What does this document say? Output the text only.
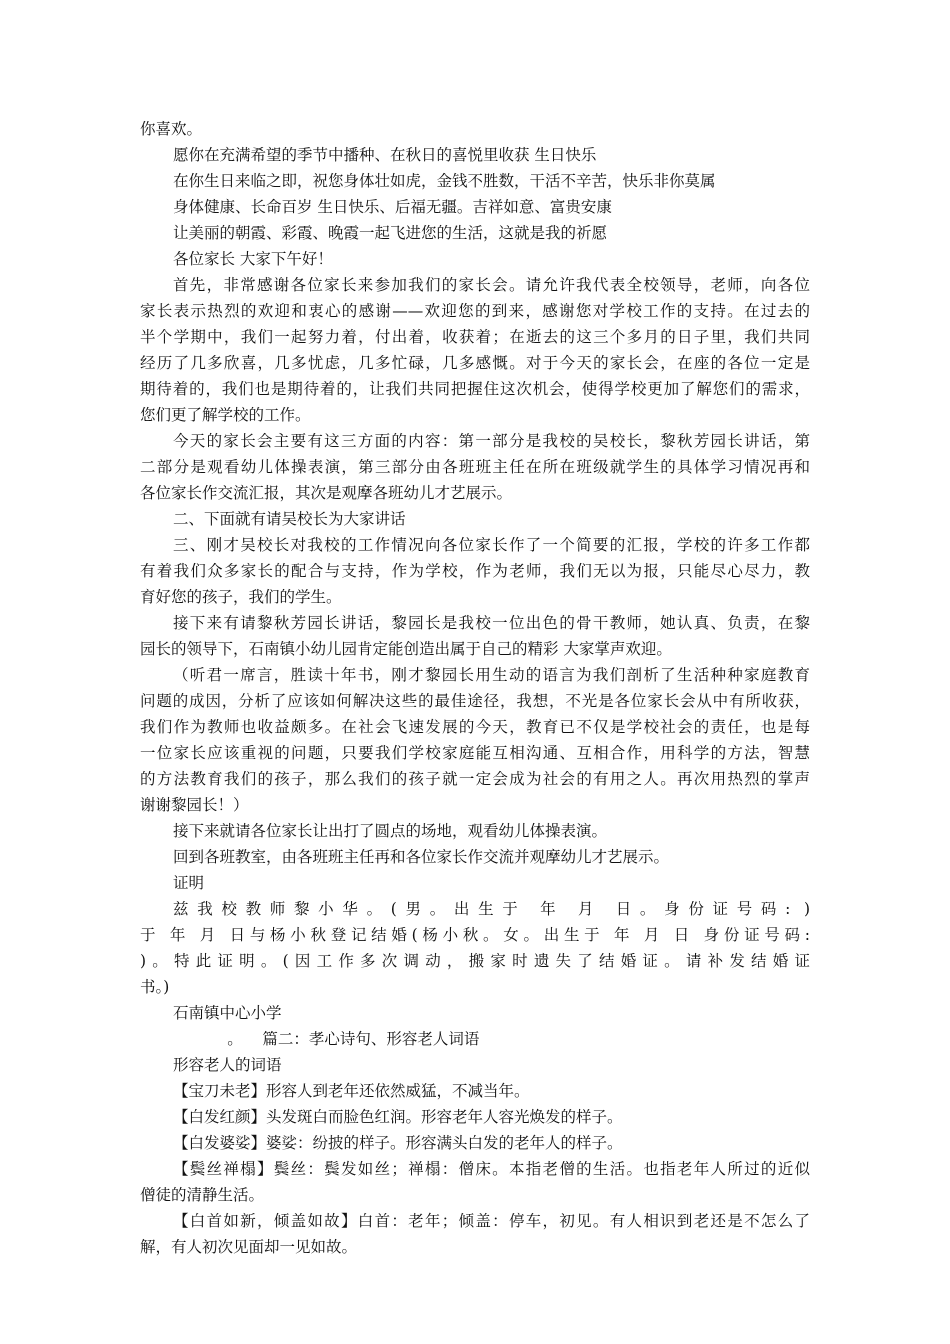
你喜欢。

愿你在充满希望的季节中播种、在秋日的喜悦里收获 生日快乐

在你生日来临之即，祝您身体壮如虎，金钱不胜数，干活不辛苦，快乐非你莫属

身体健康、长命百岁 生日快乐、后福无疆。吉祥如意、富贵安康

让美丽的朝霞、彩霞、晚霞一起飞进您的生活，这就是我的祈愿

各位家长 大家下午好！

首先，非常感谢各位家长来参加我们的家长会。请允许我代表全校领导，老师，向各位

家长表示热烈的欢迎和衷心的感谢——欢迎您的到来，感谢您对学校工作的支持。在过去的

半个学期中，我们一起努力着，付出着，收获着；在逝去的这三个多月的日子里，我们共同

经历了几多欣喜，几多忧虑，几多忙碌，几多感慨。对于今天的家长会，在座的各位一定是

期待着的，我们也是期待着的，让我们共同把握住这次机会，使得学校更加了解您们的需求，

您们更了解学校的工作。

今天的家长会主要有这三方面的内容：第一部分是我校的吴校长，黎秋芳园长讲话，第

二部分是观看幼儿体操表演，第三部分由各班班主任在所在班级就学生的具体学习情况再和

各位家长作交流汇报，其次是观摩各班幼儿才艺展示。

二、下面就有请吴校长为大家讲话

三、刚才吴校长对我校的工作情况向各位家长作了一个简要的汇报，学校的许多工作都

有着我们众多家长的配合与支持，作为学校，作为老师，我们无以为报，只能尽心尽力，教

育好您的孩子，我们的学生。

接下来有请黎秋芳园长讲话，黎园长是我校一位出色的骨干教师，她认真、负责，在黎

园长的领导下，石南镇小幼儿园肯定能创造出属于自己的精彩 大家掌声欢迎。

（听君一席言，胜读十年书，刚才黎园长用生动的语言为我们剖析了生活种种家庭教育

问题的成因，分析了应该如何解决这些的最佳途径，我想，不光是各位家长会从中有所收获，

我们作为教师也收益颇多。在社会飞速发展的今天，教育已不仅是学校社会的责任，也是每

一位家长应该重视的问题，只要我们学校家庭能互相沟通、互相合作，用科学的方法，智慧

的方法教育我们的孩子，那么我们的孩子就一定会成为社会的有用之人。再次用热烈的掌声

谢谢黎园长！）

接下来就请各位家长让出打了圆点的场地，观看幼儿体操表演。

回到各班教室，由各班班主任再和各位家长作交流并观摩幼儿才艺展示。

证明

兹我校教师黎小华。(男。出生于 年 月 日。身份证号码: )

于 年 月 日与杨小秋登记结婚(杨小秋。女。出生于 年 月 日 身份证号码:

)。特此证明。(因工作多次调动，搬家时遗失了结婚证。请补发结婚证

书。)

石南镇中心小学

。    篇二：孝心诗句、形容老人词语

形容老人的词语

【宝刀未老】形容人到老年还依然威猛，不减当年。

【白发红颜】头发斑白而脸色红润。形容老年人容光焕发的样子。

【白发婆娑】婆娑：纷披的样子。形容满头白发的老年人的样子。

【鬓丝禅榻】鬓丝：鬓发如丝；禅榻：僧床。本指老僧的生活。也指老年人所过的近似

僧徒的清静生活。

【白首如新，倾盖如故】白首：老年；倾盖：停车，初见。有人相识到老还是不怎么了

解，有人初次见面却一见如故。
